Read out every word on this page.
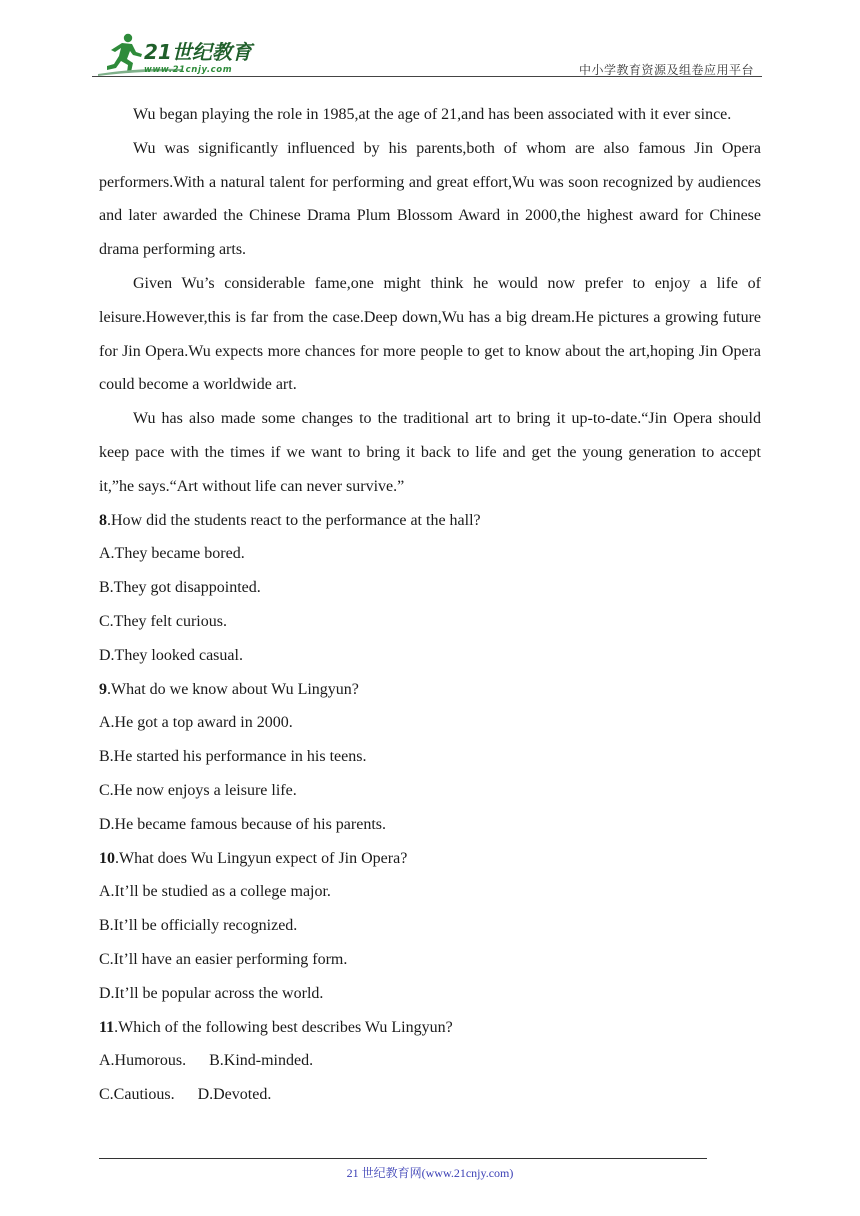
21世纪教育
www.21cnjy.com	中小学教育资源及组卷应用平台

Wu began playing the role in 1985,at the age of 21,and has been associated with it ever since.

Wu was significantly influenced by his parents,both of whom are also famous Jin Opera performers.With a natural talent for performing and great effort,Wu was soon recognized by audiences and later awarded the Chinese Drama Plum Blossom Award in 2000,the highest award for Chinese drama performing arts.

Given Wu’s considerable fame,one might think he would now prefer to enjoy a life of leisure.However,this is far from the case.Deep down,Wu has a big dream.He pictures a growing future for Jin Opera.Wu expects more chances for more people to get to know about the art,hoping Jin Opera could become a worldwide art.

Wu has also made some changes to the traditional art to bring it up-to-date.“Jin Opera should keep pace with the times if we want to bring it back to life and get the young generation to accept it,”he says.“Art without life can never survive.”

8.How did the students react to the performance at the hall?

A.They became bored.

B.They got disappointed.

C.They felt curious.

D.They looked casual.

9.What do we know about Wu Lingyun?

A.He got a top award in 2000.

B.He started his performance in his teens.

C.He now enjoys a leisure life.

D.He became famous because of his parents.

10.What does Wu Lingyun expect of Jin Opera?

A.It’ll be studied as a college major.

B.It’ll be officially recognized.

C.It’ll have an easier performing form.

D.It’ll be popular across the world.

11.Which of the following best describes Wu Lingyun?

A.Humorous. B.Kind-minded.

C.Cautious. D.Devoted.

21 世纪教育网(www.21cnjy.com)
